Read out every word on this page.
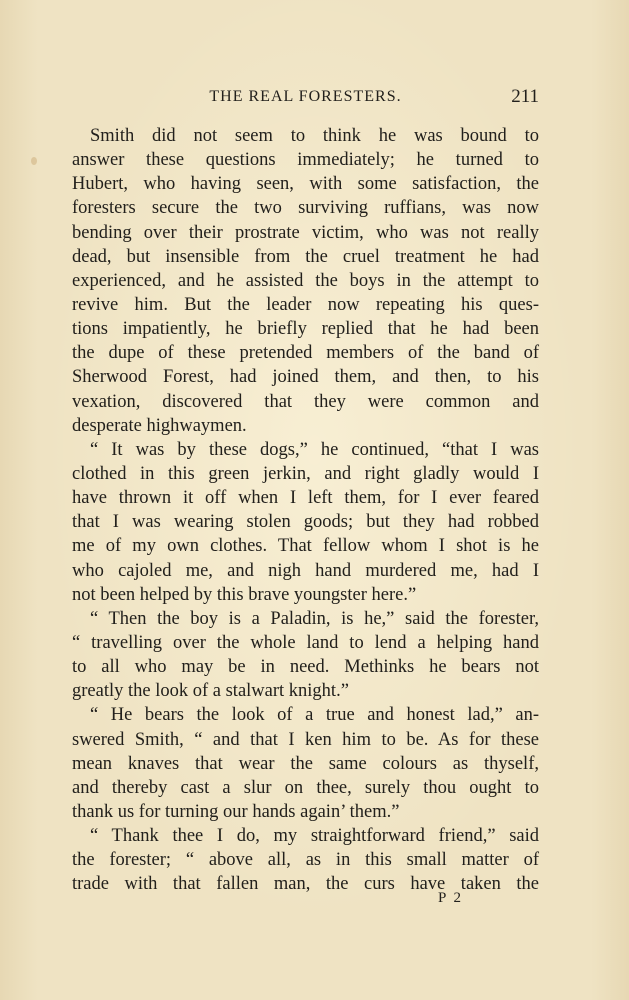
THE REAL FORESTERS.	211
Smith did not seem to think he was bound to
answer these questions immediately; he turned to
Hubert, who having seen, with some satisfaction, the
foresters secure the two surviving ruffians, was now
bending over their prostrate victim, who was not really
dead, but insensible from the cruel treatment he had
experienced, and he assisted the boys in the attempt to
revive him. But the leader now repeating his ques-
tions impatiently, he briefly replied that he had been
the dupe of these pretended members of the band of
Sherwood Forest, had joined them, and then, to his
vexation, discovered that they were common and
desperate highwaymen.
“ It was by these dogs,” he continued, “that I was
clothed in this green jerkin, and right gladly would I
have thrown it off when I left them, for I ever feared
that I was wearing stolen goods; but they had robbed
me of my own clothes. That fellow whom I shot is he
who cajoled me, and nigh hand murdered me, had I
not been helped by this brave youngster here.”
“ Then the boy is a Paladin, is he,” said the forester,
“ travelling over the whole land to lend a helping hand
to all who may be in need. Methinks he bears not
greatly the look of a stalwart knight.”
“ He bears the look of a true and honest lad,” an-
swered Smith, “ and that I ken him to be. As for these
mean knaves that wear the same colours as thyself,
and thereby cast a slur on thee, surely thou ought to
thank us for turning our hands again’ them.”
“ Thank thee I do, my straightforward friend,” said
the forester; “ above all, as in this small matter of
trade with that fallen man, the curs have taken the
P 2
